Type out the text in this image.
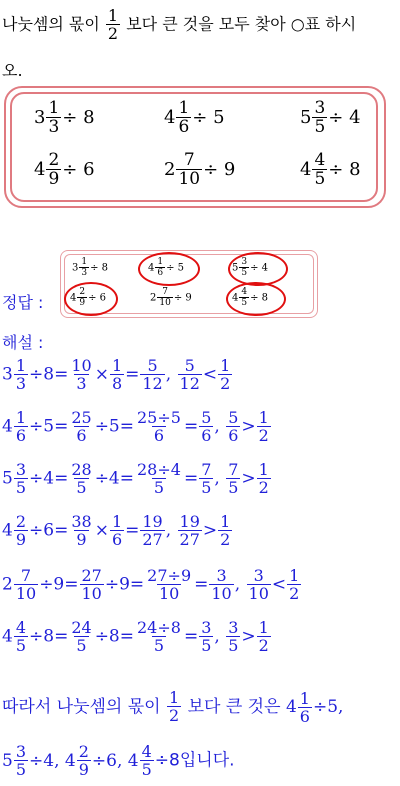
나눗셈의 몫이 $\frac{1}{2}$ 보다 큰 것을 모두 찾아 ○표 하시
오.
$3 \frac{1}{3} \div 8$	$4 \frac{1}{6} \div 5$	$5 \frac{3}{5} \div 4$
$4 \frac{2}{9} \div 6$	$2 \frac{7}{10} \div 9$	$4 \frac{4}{5} \div 8$
정답 :
$3 \frac{1}{3} \div 8$	$4 \frac{1}{6} \div 5$	$5 \frac{3}{5} \div 4$
$4 \frac{2}{9} \div 6$	$2 \frac{7}{10} \div 9$	$4 \frac{4}{5} \div 8$
해설 :
$3 \frac{1}{3} \div 8= \frac{10}{3} \times \frac{1}{8} = \frac{5}{12}$ , $\frac{5}{12} < \frac{1}{2}$
$4 \frac{1}{6} \div 5= \frac{25}{6} \div 5= \frac{25\div 5}{6} = \frac{5}{6}$ , $\frac{5}{6} > \frac{1}{2}$
$5 \frac{3}{5} \div 4= \frac{28}{5} \div 4= \frac{28\div 4}{5} = \frac{7}{5}$ , $\frac{7}{5} > \frac{1}{2}$
$4 \frac{2}{9} \div 6= \frac{38}{9} \times \frac{1}{6} = \frac{19}{27}$ , $\frac{19}{27} > \frac{1}{2}$
$2 \frac{7}{10} \div 9= \frac{27}{10} \div 9= \frac{27\div 9}{10} = \frac{3}{10}$ , $\frac{3}{10} < \frac{1}{2}$
$4 \frac{4}{5} \div 8= \frac{24}{5} \div 8= \frac{24\div 8}{5} = \frac{3}{5}$ , $\frac{3}{5} > \frac{1}{2}$
따라서 나눗셈의 몫이 $\frac{1}{2}$ 보다 큰 것은 $4 \frac{1}{6} \div 5$,
$5 \frac{3}{5} \div 4$, $4 \frac{2}{9} \div 6$, $4 \frac{4}{5} \div 8$입니다.
